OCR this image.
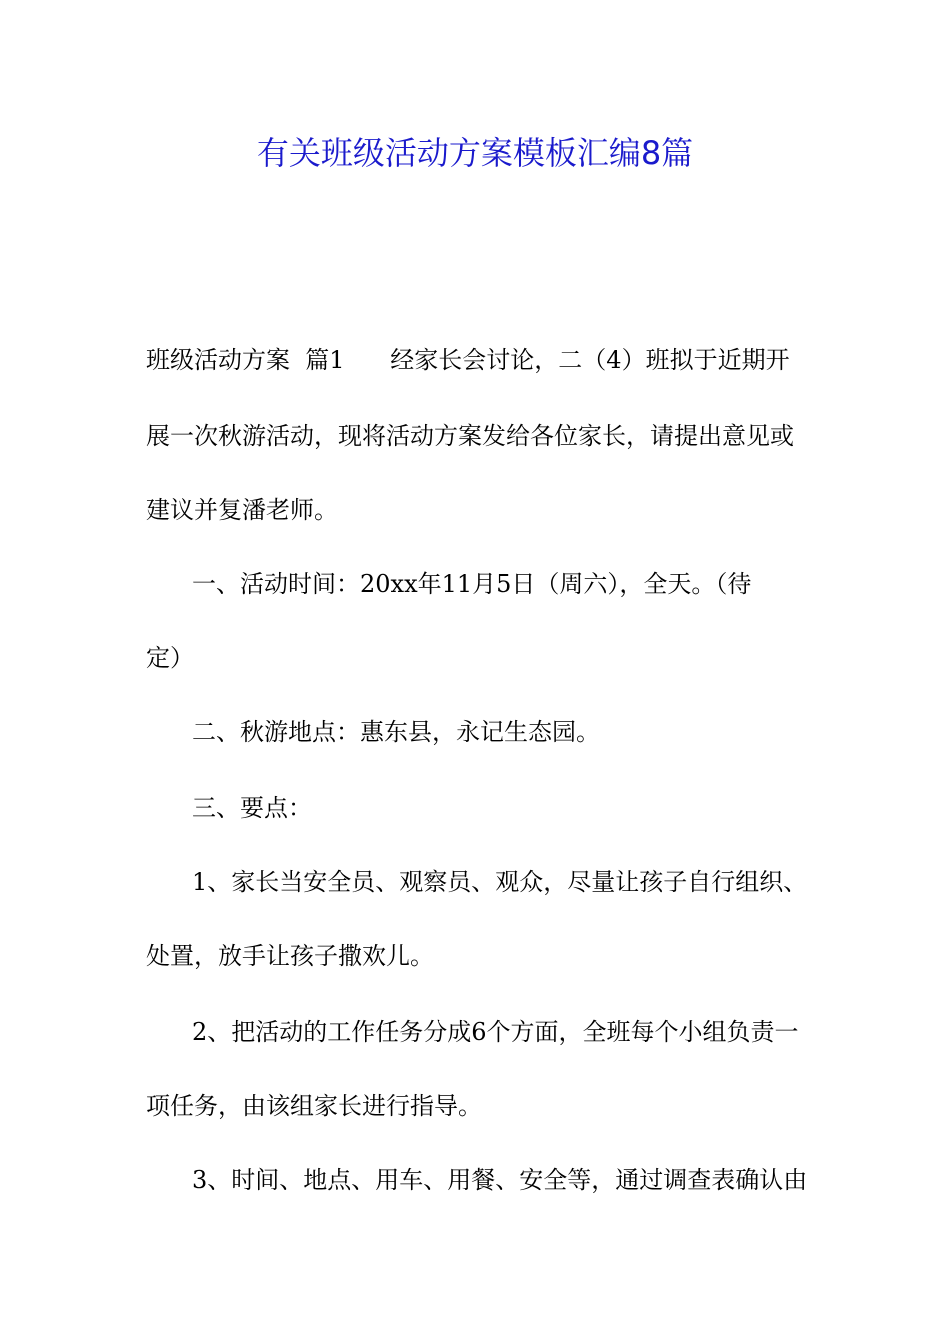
有关班级活动方案模板汇编8篇
班级活动方案  篇1      经家长会讨论，二（4）班拟于近期开
展一次秋游活动，现将活动方案发给各位家长，请提出意见或
建议并复潘老师。
一、活动时间：20xx年11月5日（周六），全天。（待
定）
二、秋游地点：惠东县，永记生态园。
三、要点：
1、家长当安全员、观察员、观众，尽量让孩子自行组织、
处置，放手让孩子撒欢儿。
2、把活动的工作任务分成6个方面，全班每个小组负责一
项任务，由该组家长进行指导。
3、时间、地点、用车、用餐、安全等，通过调查表确认由
